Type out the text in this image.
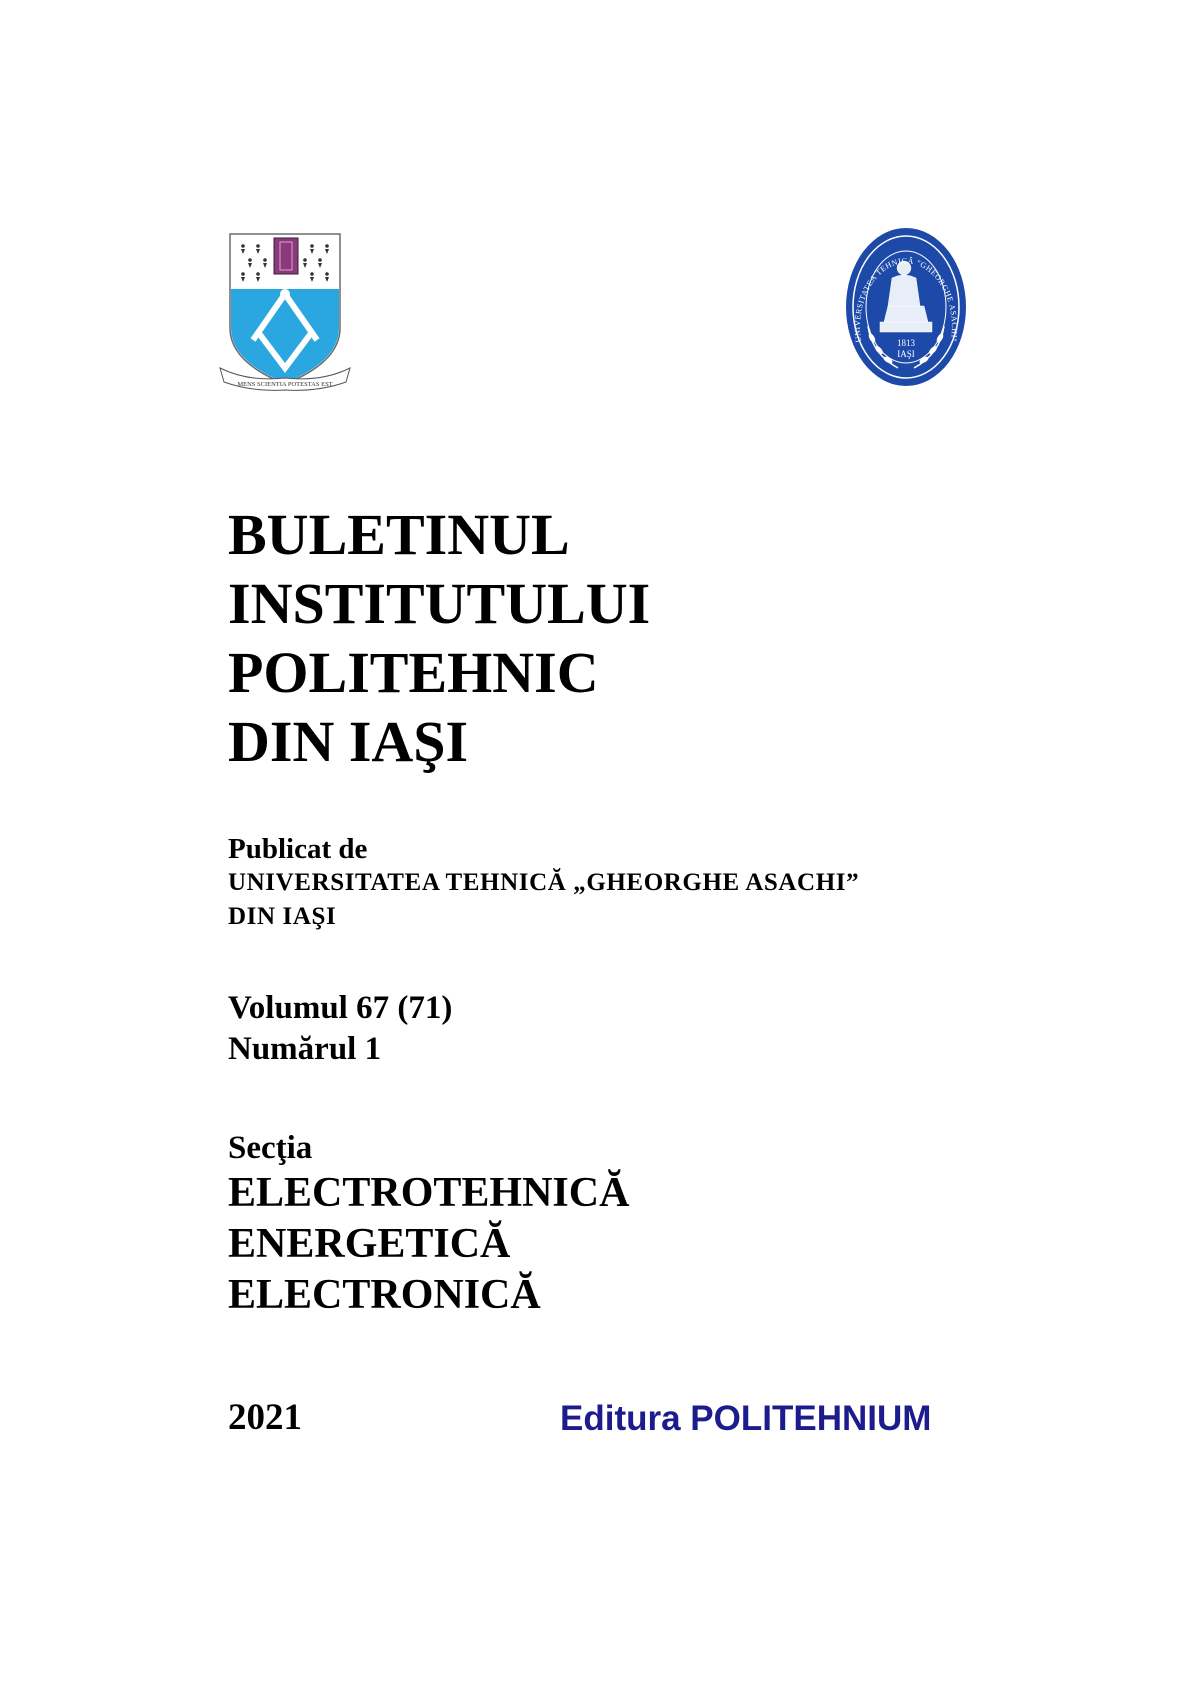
MENS SCIENTIA POTESTAS EST
UNIVERSITATEA TEHNICĂ "GHEORGHE ASACHI"
1813
IAŞI
BULETINUL
INSTITUTULUI
POLITEHNIC
DIN IAŞI
Publicat de
UNIVERSITATEA TEHNICĂ „GHEORGHE ASACHI”
DIN IAŞI
Volumul 67 (71)
Numărul 1
Secţia
ELECTROTEHNICĂ
ENERGETICĂ
ELECTRONICĂ
2021	Editura POLITEHNIUM
